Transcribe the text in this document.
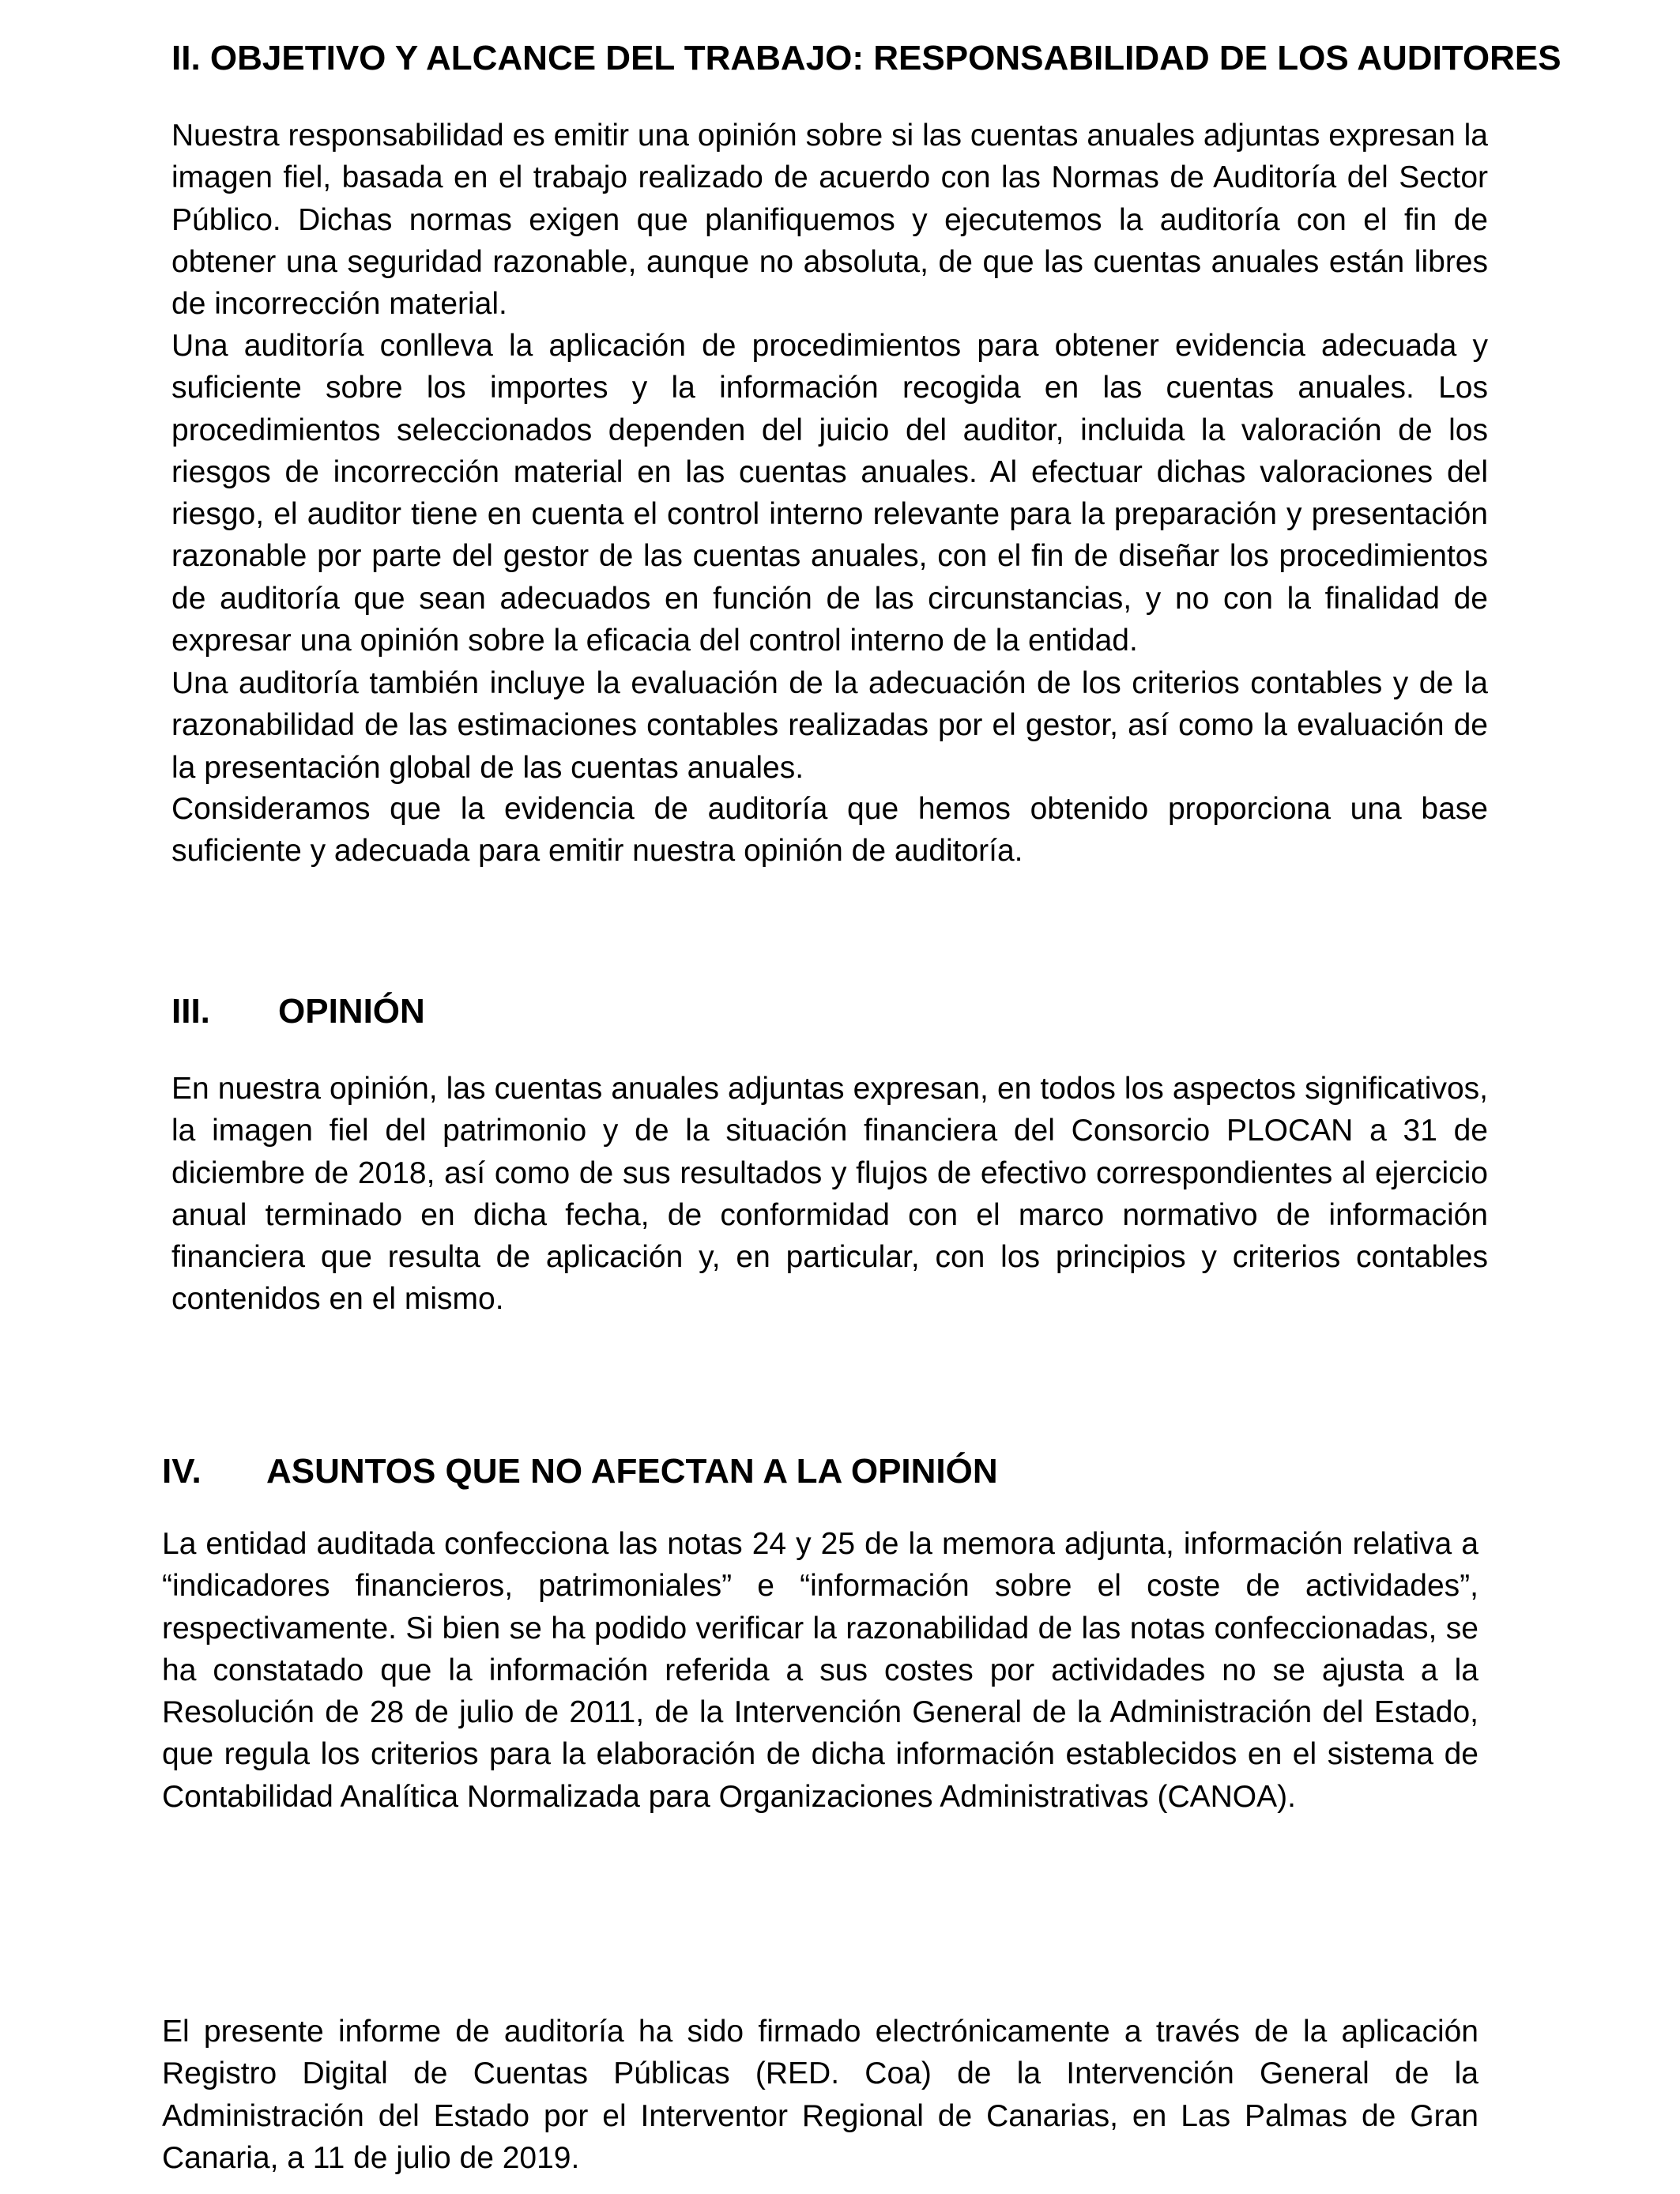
II. OBJETIVO Y ALCANCE DEL TRABAJO: RESPONSABILIDAD DE LOS AUDITORES

Nuestra responsabilidad es emitir una opinión sobre si las cuentas anuales adjuntas expresan la imagen fiel, basada en el trabajo realizado de acuerdo con las Normas de Auditoría del Sector Público. Dichas normas exigen que planifiquemos y ejecutemos la auditoría con el fin de obtener una seguridad razonable, aunque no absoluta, de que las cuentas anuales están libres de incorrección material.

Una auditoría conlleva la aplicación de procedimientos para obtener evidencia adecuada y suficiente sobre los importes y la información recogida en las cuentas anuales. Los procedimientos seleccionados dependen del juicio del auditor, incluida la valoración de los riesgos de incorrección material en las cuentas anuales. Al efectuar dichas valoraciones del riesgo, el auditor tiene en cuenta el control interno relevante para la preparación y presentación razonable por parte del gestor de las cuentas anuales, con el fin de diseñar los procedimientos de auditoría que sean adecuados en función de las circunstancias, y no con la finalidad de expresar una opinión sobre la eficacia del control interno de la entidad.

Una auditoría también incluye la evaluación de la adecuación de los criterios contables y de la razonabilidad de las estimaciones contables realizadas por el gestor, así como la evaluación de la presentación global de las cuentas anuales.

Consideramos que la evidencia de auditoría que hemos obtenido proporciona una base suficiente y adecuada para emitir nuestra opinión de auditoría.

III. OPINIÓN

En nuestra opinión, las cuentas anuales adjuntas expresan, en todos los aspectos significativos, la imagen fiel del patrimonio y de la situación financiera del Consorcio PLOCAN a 31 de diciembre de 2018, así como de sus resultados y flujos de efectivo correspondientes al ejercicio anual terminado en dicha fecha, de conformidad con el marco normativo de información financiera que resulta de aplicación y, en particular, con los principios y criterios contables contenidos en el mismo.

IV. ASUNTOS QUE NO AFECTAN A LA OPINIÓN

La entidad auditada confecciona las notas 24 y 25 de la memora adjunta, información relativa a “indicadores financieros, patrimoniales” e “información sobre el coste de actividades”, respectivamente. Si bien se ha podido verificar la razonabilidad de las notas confeccionadas, se ha constatado que la información referida a sus costes por actividades no se ajusta a la Resolución de 28 de julio de 2011, de la Intervención General de la Administración del Estado, que regula los criterios para la elaboración de dicha información establecidos en el sistema de Contabilidad Analítica Normalizada para Organizaciones Administrativas (CANOA).

El presente informe de auditoría ha sido firmado electrónicamente a través de la aplicación Registro Digital de Cuentas Públicas (RED. Coa) de la Intervención General de la Administración del Estado por el Interventor Regional de Canarias, en Las Palmas de Gran Canaria, a 11 de julio de 2019.
